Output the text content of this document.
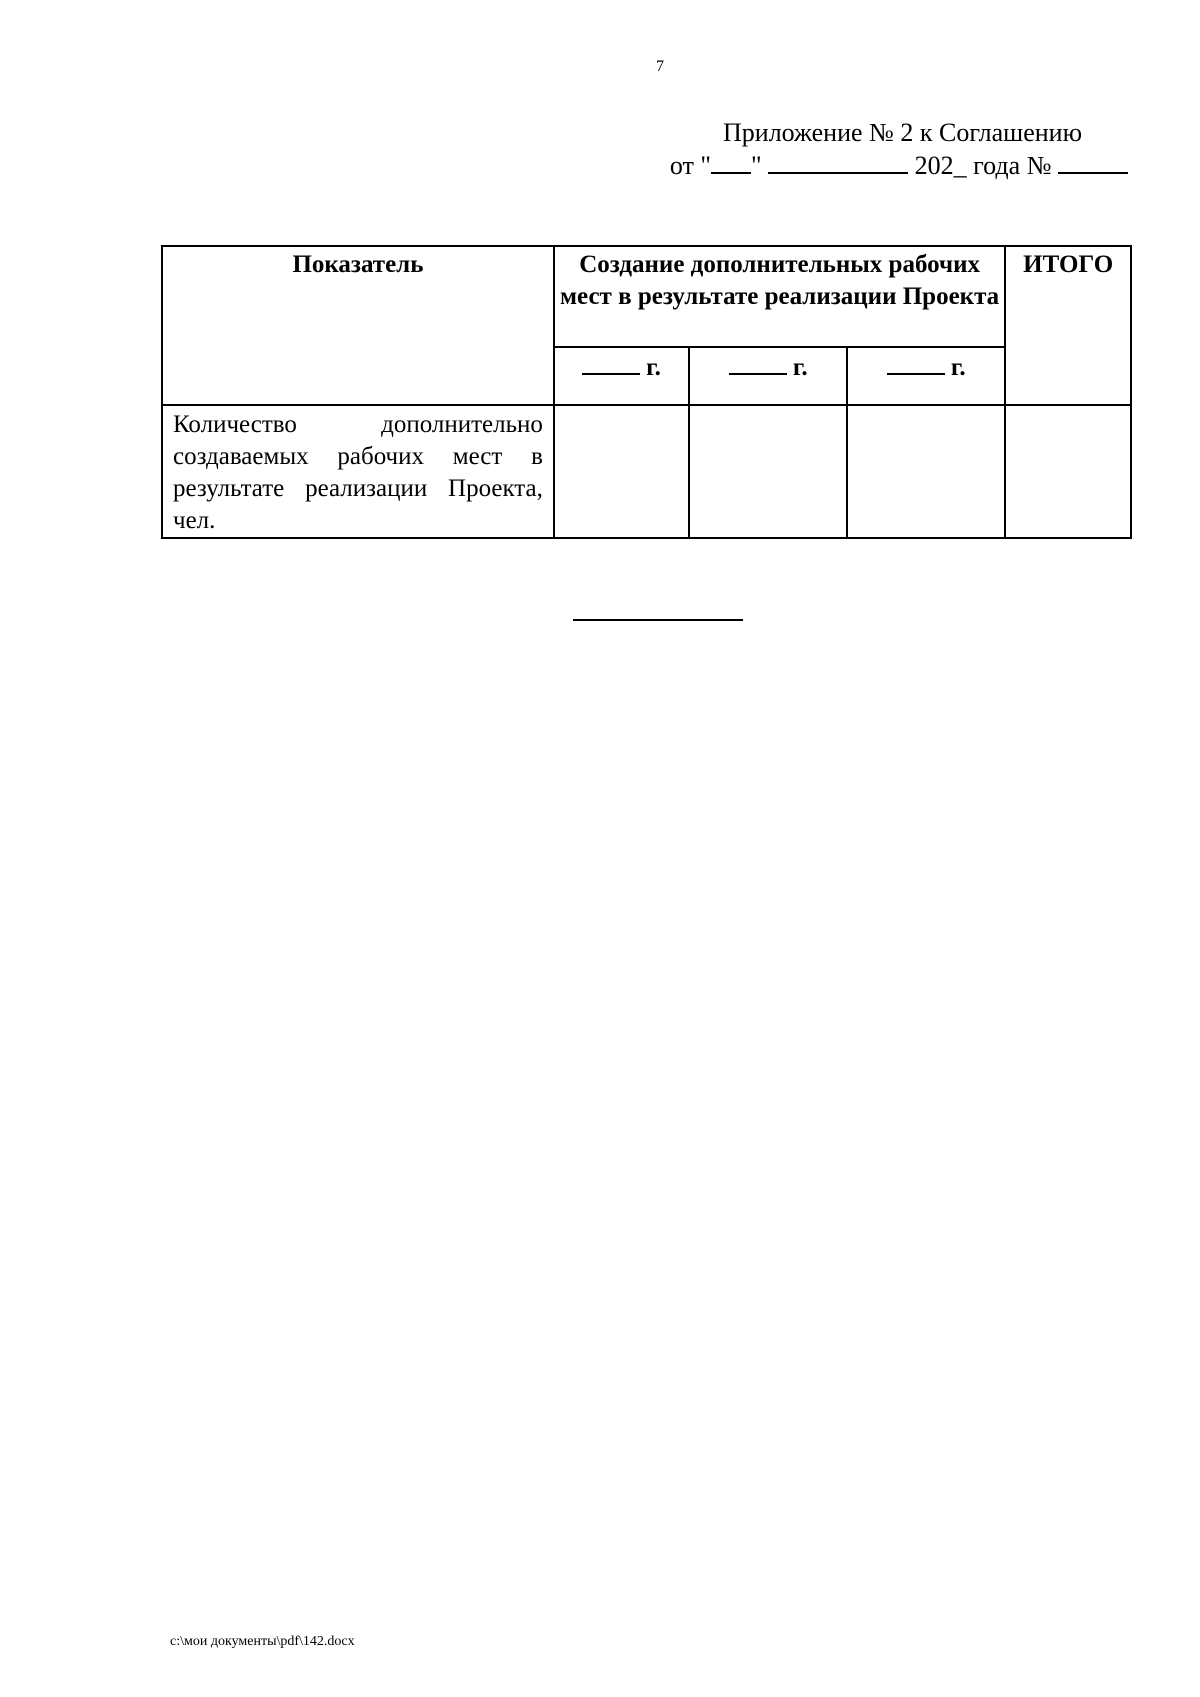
7
Приложение № 2 к Соглашению
от " "	202_ года №
Показатель	Создание дополнительных рабочих мест в результате реализации Проекта			ИТОГО
	г.	г.	г.	
Количество дополнительно создаваемых рабочих мест в результате реализации Проекта, чел.				
c:\мои документы\pdf\142.docx
